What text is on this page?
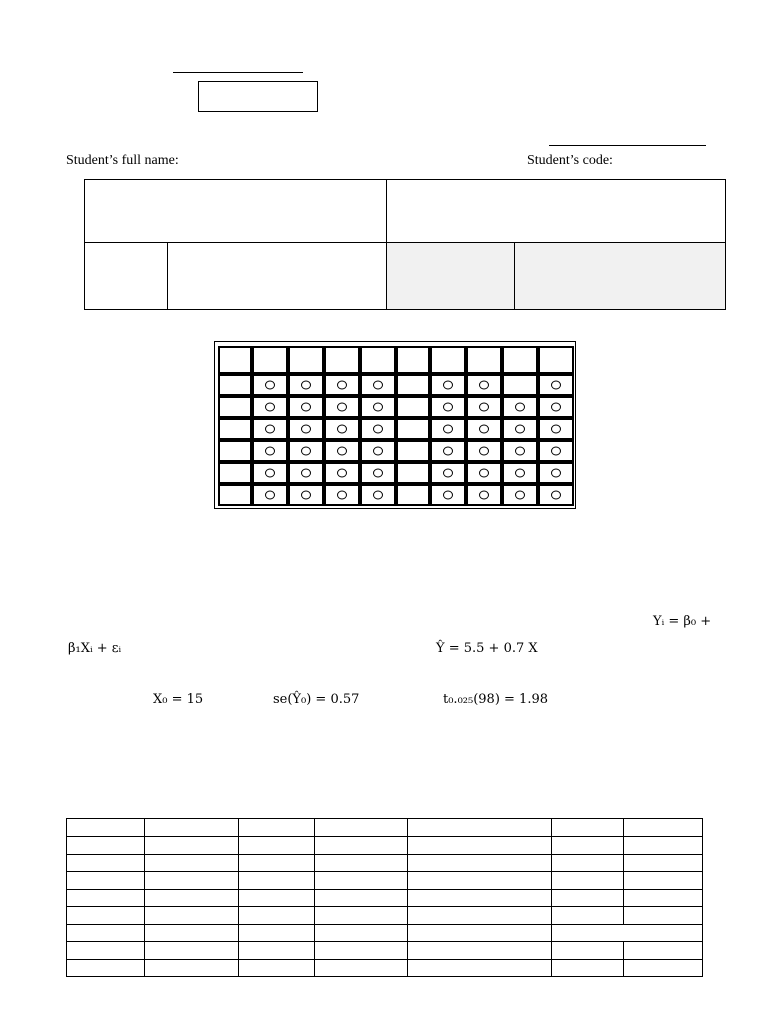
Student’s full name:	Student’s code:
Yᵢ = β₀ +
β₁Xᵢ + εᵢ	Ŷ = 5.5 + 0.7 X
X₀ = 15	se(Ŷ₀) = 0.57	t₀.₀₂₅(98) = 1.98
